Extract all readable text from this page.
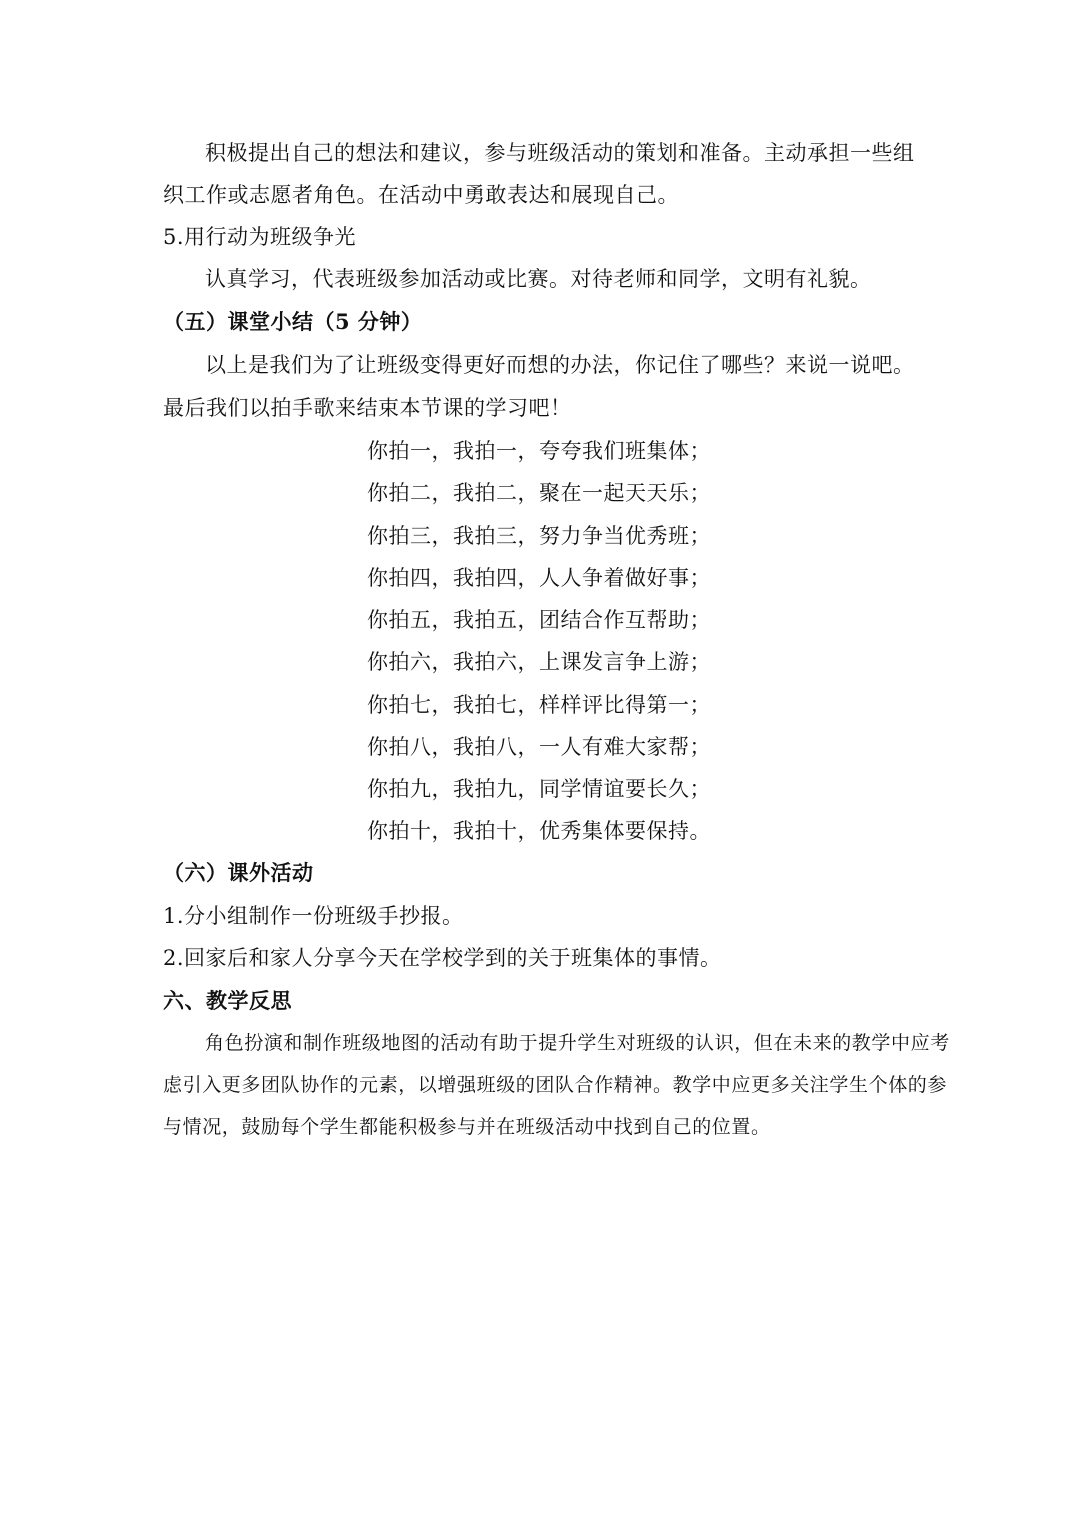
积极提出自己的想法和建议，参与班级活动的策划和准备。主动承担一些组
织工作或志愿者角色。在活动中勇敢表达和展现自己。
5.用行动为班级争光
认真学习，代表班级参加活动或比赛。对待老师和同学，文明有礼貌。
（五）课堂小结（5 分钟）
以上是我们为了让班级变得更好而想的办法，你记住了哪些？来说一说吧。
最后我们以拍手歌来结束本节课的学习吧！
你拍一，我拍一，夸夸我们班集体；
你拍二，我拍二，聚在一起天天乐；
你拍三，我拍三，努力争当优秀班；
你拍四，我拍四，人人争着做好事；
你拍五，我拍五，团结合作互帮助；
你拍六，我拍六，上课发言争上游；
你拍七，我拍七，样样评比得第一；
你拍八，我拍八，一人有难大家帮；
你拍九，我拍九，同学情谊要长久；
你拍十，我拍十，优秀集体要保持。
（六）课外活动
1.分小组制作一份班级手抄报。
2.回家后和家人分享今天在学校学到的关于班集体的事情。
六、教学反思
角色扮演和制作班级地图的活动有助于提升学生对班级的认识，但在未来的教学中应考
虑引入更多团队协作的元素，以增强班级的团队合作精神。教学中应更多关注学生个体的参
与情况，鼓励每个学生都能积极参与并在班级活动中找到自己的位置。
